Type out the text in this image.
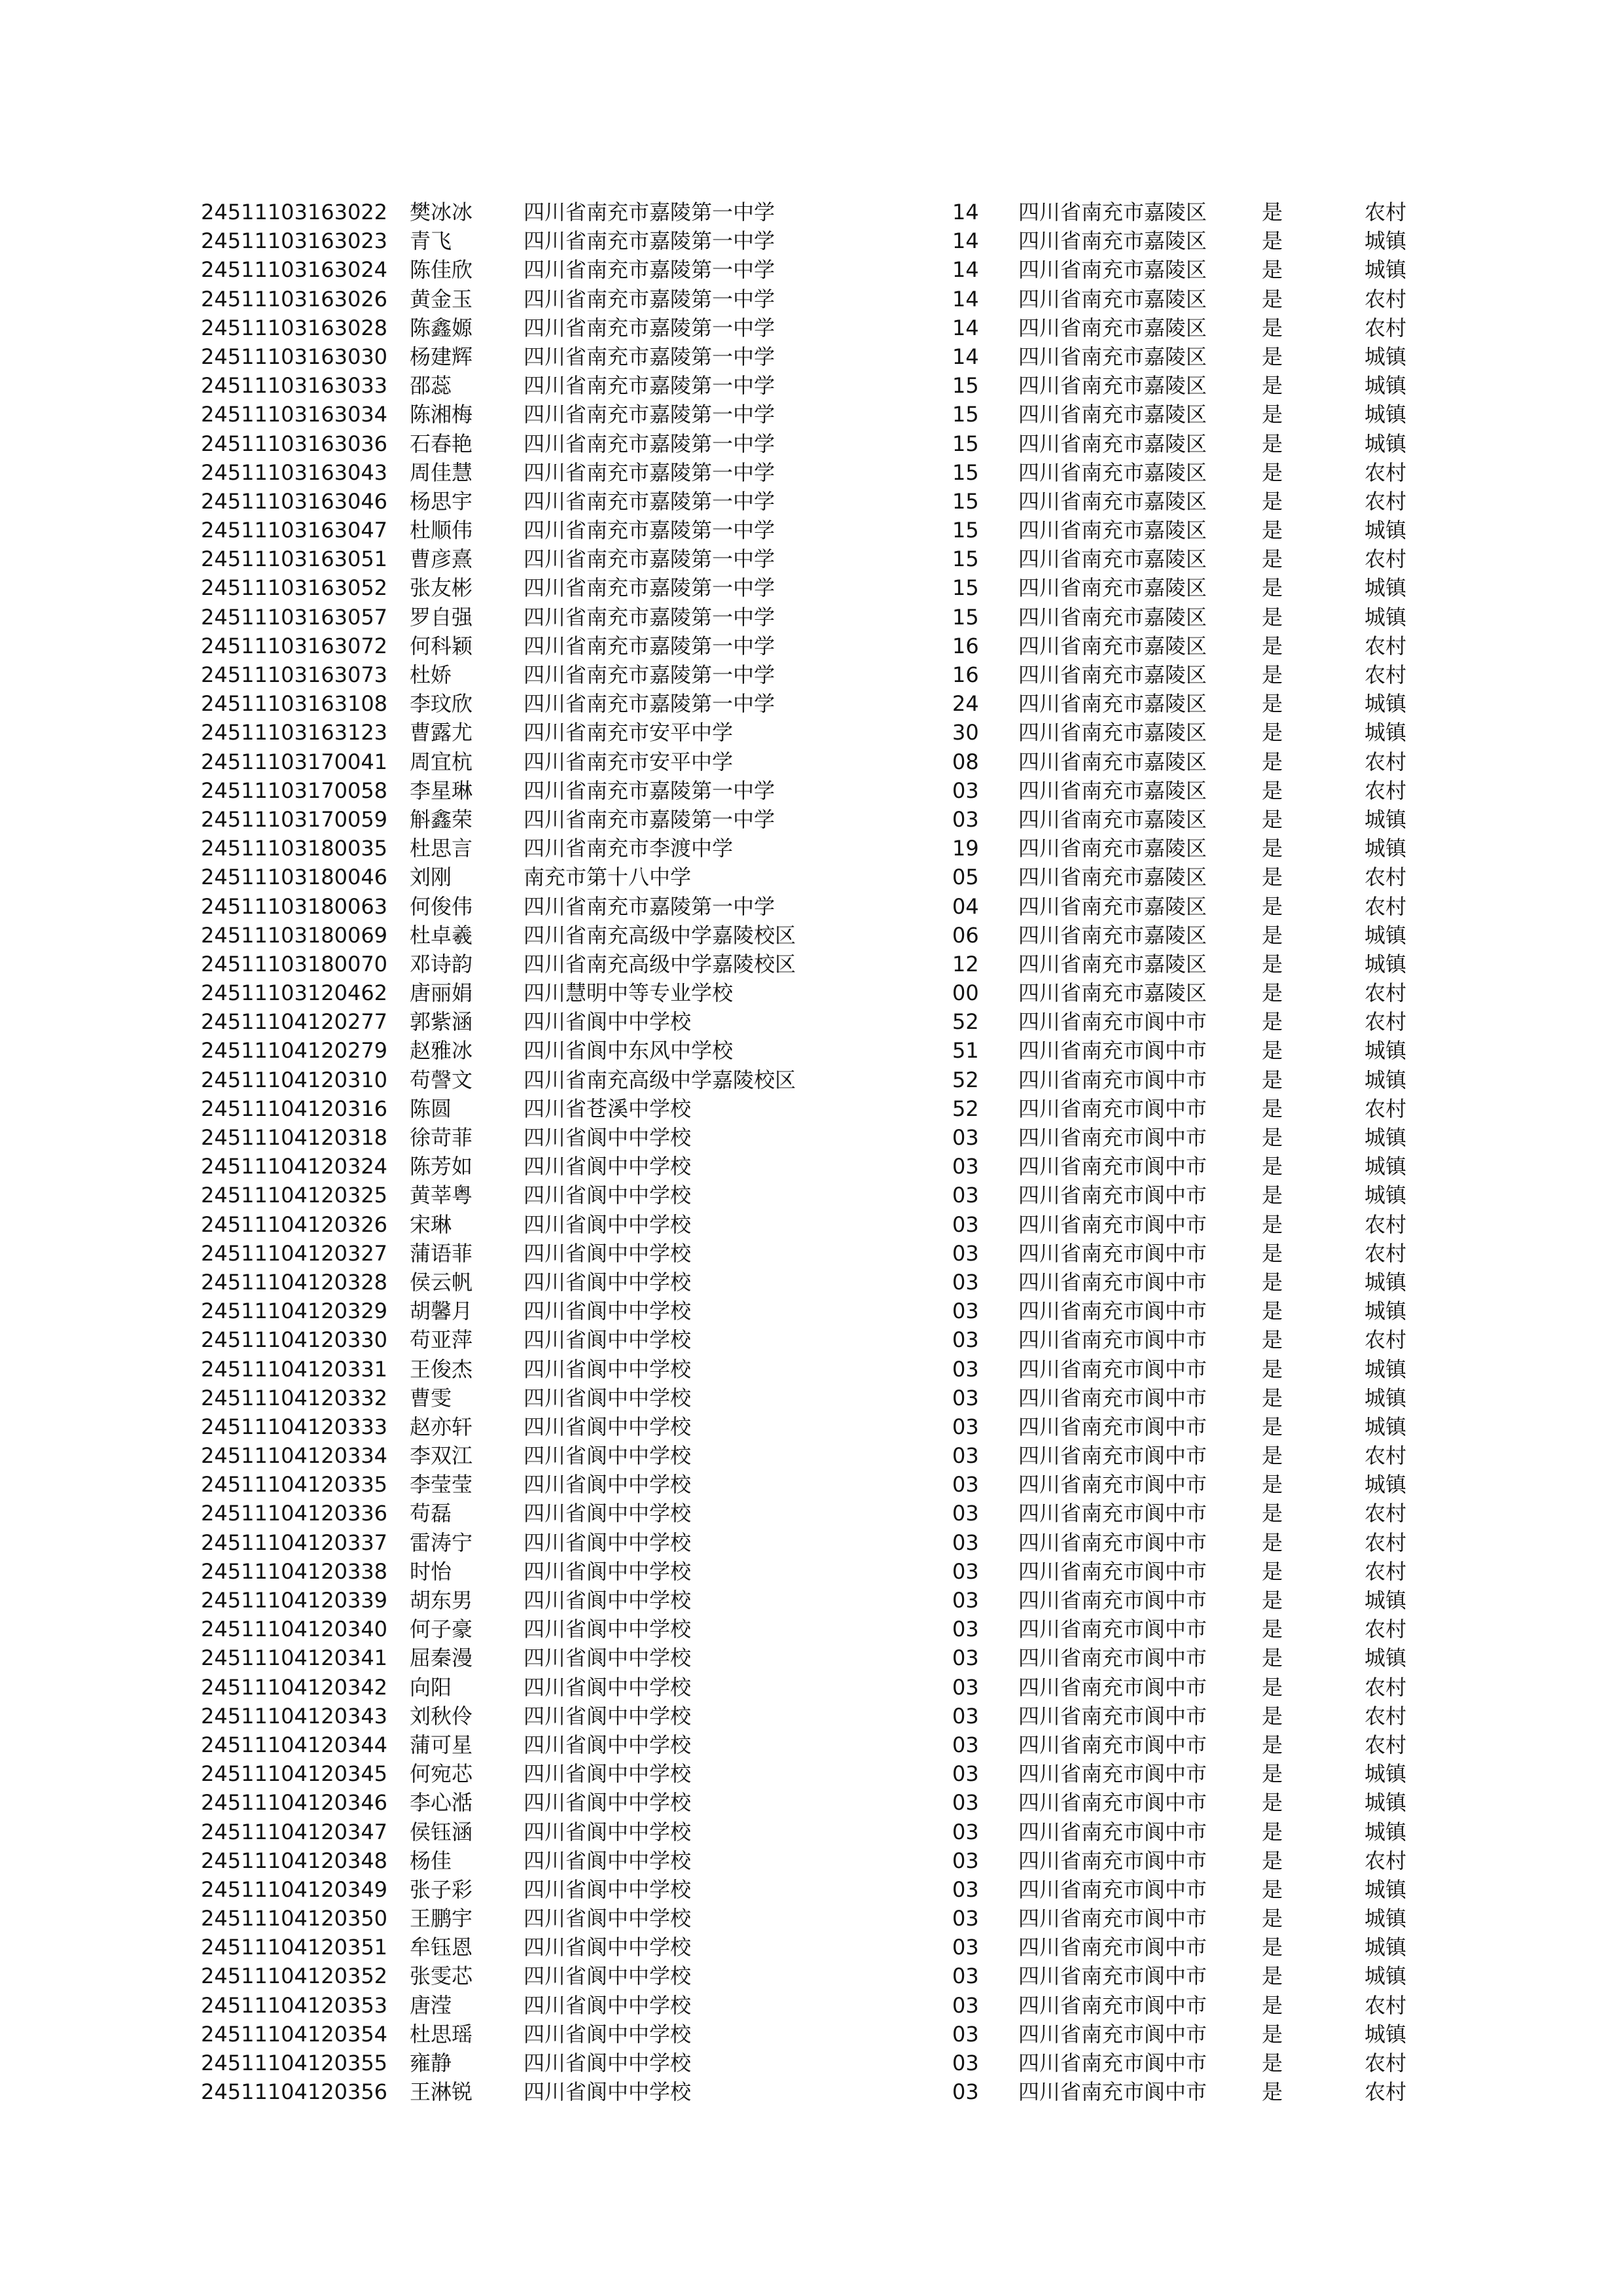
24511103163022 樊冰冰 四川省南充市嘉陵第一中学	14 四川省南充市嘉陵区	是	农村
24511103163023 青飞	四川省南充市嘉陵第一中学	14 四川省南充市嘉陵区	是	城镇
24511103163024 陈佳欣 四川省南充市嘉陵第一中学	14 四川省南充市嘉陵区	是	城镇
24511103163026 黄金玉 四川省南充市嘉陵第一中学	14 四川省南充市嘉陵区	是	农村
24511103163028 陈鑫嫄 四川省南充市嘉陵第一中学	14 四川省南充市嘉陵区	是	农村
24511103163030 杨建辉 四川省南充市嘉陵第一中学	14 四川省南充市嘉陵区	是	城镇
24511103163033 邵蕊	四川省南充市嘉陵第一中学	15 四川省南充市嘉陵区	是	城镇
24511103163034 陈湘梅 四川省南充市嘉陵第一中学	15 四川省南充市嘉陵区	是	城镇
24511103163036 石春艳 四川省南充市嘉陵第一中学	15 四川省南充市嘉陵区	是	城镇
24511103163043 周佳慧 四川省南充市嘉陵第一中学	15 四川省南充市嘉陵区	是	农村
24511103163046 杨思宇 四川省南充市嘉陵第一中学	15 四川省南充市嘉陵区	是	农村
24511103163047 杜顺伟 四川省南充市嘉陵第一中学	15 四川省南充市嘉陵区	是	城镇
24511103163051 曹彦熹 四川省南充市嘉陵第一中学	15 四川省南充市嘉陵区	是	农村
24511103163052 张友彬 四川省南充市嘉陵第一中学	15 四川省南充市嘉陵区	是	城镇
24511103163057 罗自强 四川省南充市嘉陵第一中学	15 四川省南充市嘉陵区	是	城镇
24511103163072 何科颖 四川省南充市嘉陵第一中学	16 四川省南充市嘉陵区	是	农村
24511103163073 杜娇	四川省南充市嘉陵第一中学	16 四川省南充市嘉陵区	是	农村
24511103163108 李玟欣 四川省南充市嘉陵第一中学	24 四川省南充市嘉陵区	是	城镇
24511103163123 曹露尤 四川省南充市安平中学	30 四川省南充市嘉陵区	是	城镇
24511103170041 周宜杭 四川省南充市安平中学	08 四川省南充市嘉陵区	是	农村
24511103170058 李星琳 四川省南充市嘉陵第一中学	03 四川省南充市嘉陵区	是	农村
24511103170059 斛鑫荣 四川省南充市嘉陵第一中学	03 四川省南充市嘉陵区	是	城镇
24511103180035 杜思言 四川省南充市李渡中学	19 四川省南充市嘉陵区	是	城镇
24511103180046 刘刚	南充市第十八中学	05 四川省南充市嘉陵区	是	农村
24511103180063 何俊伟 四川省南充市嘉陵第一中学	04 四川省南充市嘉陵区	是	农村
24511103180069 杜卓羲 四川省南充高级中学嘉陵校区	06 四川省南充市嘉陵区	是	城镇
24511103180070 邓诗韵 四川省南充高级中学嘉陵校区	12 四川省南充市嘉陵区	是	城镇
24511103120462 唐丽娟 四川慧明中等专业学校	00 四川省南充市嘉陵区	是	农村
24511104120277 郭紫涵 四川省阆中中学校	52 四川省南充市阆中市	是	农村
24511104120279 赵雅冰 四川省阆中东风中学校	51 四川省南充市阆中市	是	城镇
24511104120310 苟謦文 四川省南充高级中学嘉陵校区	52 四川省南充市阆中市	是	城镇
24511104120316 陈圆	四川省苍溪中学校	52 四川省南充市阆中市	是	农村
24511104120318 徐苛菲 四川省阆中中学校	03 四川省南充市阆中市	是	城镇
24511104120324 陈芳如 四川省阆中中学校	03 四川省南充市阆中市	是	城镇
24511104120325 黄莘粤 四川省阆中中学校	03 四川省南充市阆中市	是	城镇
24511104120326 宋琳	四川省阆中中学校	03 四川省南充市阆中市	是	农村
24511104120327 蒲语菲 四川省阆中中学校	03 四川省南充市阆中市	是	农村
24511104120328 侯云帆 四川省阆中中学校	03 四川省南充市阆中市	是	城镇
24511104120329 胡馨月 四川省阆中中学校	03 四川省南充市阆中市	是	城镇
24511104120330 苟亚萍 四川省阆中中学校	03 四川省南充市阆中市	是	农村
24511104120331 王俊杰 四川省阆中中学校	03 四川省南充市阆中市	是	城镇
24511104120332 曹雯	四川省阆中中学校	03 四川省南充市阆中市	是	城镇
24511104120333 赵亦轩 四川省阆中中学校	03 四川省南充市阆中市	是	城镇
24511104120334 李双江 四川省阆中中学校	03 四川省南充市阆中市	是	农村
24511104120335 李莹莹 四川省阆中中学校	03 四川省南充市阆中市	是	城镇
24511104120336 苟磊	四川省阆中中学校	03 四川省南充市阆中市	是	农村
24511104120337 雷涛宁 四川省阆中中学校	03 四川省南充市阆中市	是	农村
24511104120338 时怡	四川省阆中中学校	03 四川省南充市阆中市	是	农村
24511104120339 胡东男 四川省阆中中学校	03 四川省南充市阆中市	是	城镇
24511104120340 何子豪 四川省阆中中学校	03 四川省南充市阆中市	是	农村
24511104120341 屈秦漫 四川省阆中中学校	03 四川省南充市阆中市	是	城镇
24511104120342 向阳	四川省阆中中学校	03 四川省南充市阆中市	是	农村
24511104120343 刘秋伶 四川省阆中中学校	03 四川省南充市阆中市	是	农村
24511104120344 蒲可星 四川省阆中中学校	03 四川省南充市阆中市	是	农村
24511104120345 何宛芯 四川省阆中中学校	03 四川省南充市阆中市	是	城镇
24511104120346 李心湉 四川省阆中中学校	03 四川省南充市阆中市	是	城镇
24511104120347 侯钰涵 四川省阆中中学校	03 四川省南充市阆中市	是	城镇
24511104120348 杨佳	四川省阆中中学校	03 四川省南充市阆中市	是	农村
24511104120349 张子彩 四川省阆中中学校	03 四川省南充市阆中市	是	城镇
24511104120350 王鹏宇 四川省阆中中学校	03 四川省南充市阆中市	是	城镇
24511104120351 牟钰恩 四川省阆中中学校	03 四川省南充市阆中市	是	城镇
24511104120352 张雯芯 四川省阆中中学校	03 四川省南充市阆中市	是	城镇
24511104120353 唐滢	四川省阆中中学校	03 四川省南充市阆中市	是	农村
24511104120354 杜思瑶 四川省阆中中学校	03 四川省南充市阆中市	是	城镇
24511104120355 雍静	四川省阆中中学校	03 四川省南充市阆中市	是	农村
24511104120356 王淋锐 四川省阆中中学校	03 四川省南充市阆中市	是	农村
